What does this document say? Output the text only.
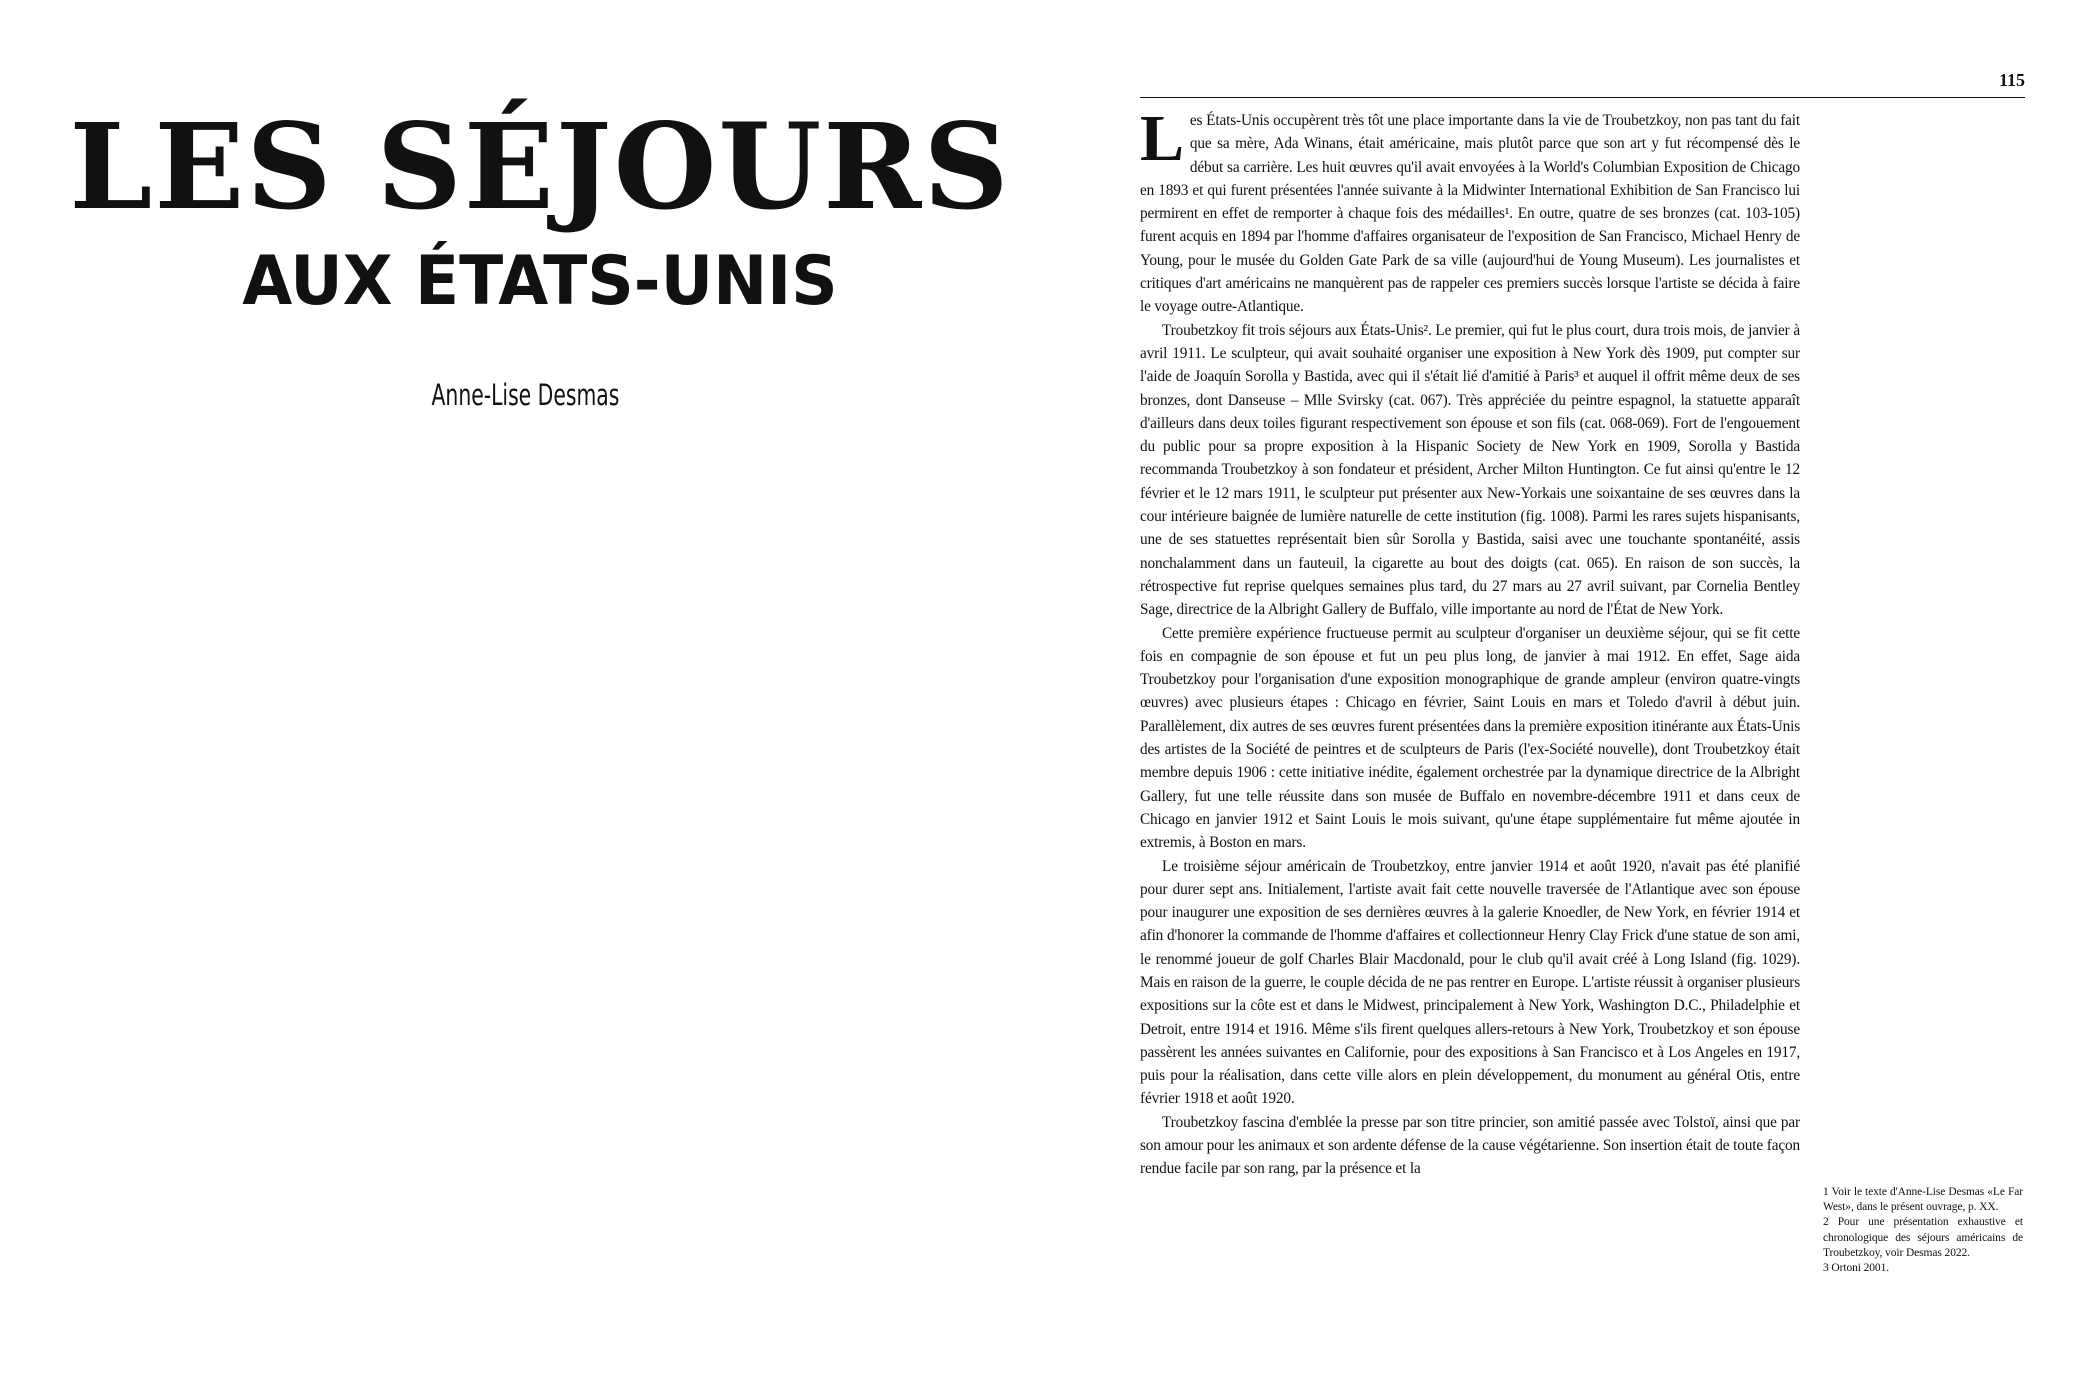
LES SÉJOURS
AUX ÉTATS-UNIS
Anne-Lise Desmas
115

Les États-Unis occupèrent très tôt une place importante dans la vie de Troubetzkoy, non pas tant du fait que sa mère, Ada Winans, était américaine, mais plutôt parce que son art y fut récompensé dès le début sa carrière. Les huit œuvres qu'il avait envoyées à la World's Columbian Exposition de Chicago en 1893 et qui furent présentées l'année suivante à la Midwinter International Exhibition de San Francisco lui permirent en effet de remporter à chaque fois des médailles¹. En outre, quatre de ses bronzes (cat. 103-105) furent acquis en 1894 par l'homme d'affaires organisateur de l'exposition de San Francisco, Michael Henry de Young, pour le musée du Golden Gate Park de sa ville (aujourd'hui de Young Museum). Les journalistes et critiques d'art américains ne manquèrent pas de rappeler ces premiers succès lorsque l'artiste se décida à faire le voyage outre-Atlantique.

Troubetzkoy fit trois séjours aux États-Unis². Le premier, qui fut le plus court, dura trois mois, de janvier à avril 1911. Le sculpteur, qui avait souhaité organiser une exposition à New York dès 1909, put compter sur l'aide de Joaquín Sorolla y Bastida, avec qui il s'était lié d'amitié à Paris³ et auquel il offrit même deux de ses bronzes, dont Danseuse – Mlle Svirsky (cat. 067). Très appréciée du peintre espagnol, la statuette apparaît d'ailleurs dans deux toiles figurant respectivement son épouse et son fils (cat. 068-069). Fort de l'engouement du public pour sa propre exposition à la Hispanic Society de New York en 1909, Sorolla y Bastida recommanda Troubetzkoy à son fondateur et président, Archer Milton Huntington. Ce fut ainsi qu'entre le 12 février et le 12 mars 1911, le sculpteur put présenter aux New-Yorkais une soixantaine de ses œuvres dans la cour intérieure baignée de lumière naturelle de cette institution (fig. 1008). Parmi les rares sujets hispanisants, une de ses statuettes représentait bien sûr Sorolla y Bastida, saisi avec une touchante spontanéité, assis nonchalamment dans un fauteuil, la cigarette au bout des doigts (cat. 065). En raison de son succès, la rétrospective fut reprise quelques semaines plus tard, du 27 mars au 27 avril suivant, par Cornelia Bentley Sage, directrice de la Albright Gallery de Buffalo, ville importante au nord de l'État de New York.

Cette première expérience fructueuse permit au sculpteur d'organiser un deuxième séjour, qui se fit cette fois en compagnie de son épouse et fut un peu plus long, de janvier à mai 1912. En effet, Sage aida Troubetzkoy pour l'organisation d'une exposition monographique de grande ampleur (environ quatre-vingts œuvres) avec plusieurs étapes : Chicago en février, Saint Louis en mars et Toledo d'avril à début juin. Parallèlement, dix autres de ses œuvres furent présentées dans la première exposition itinérante aux États-Unis des artistes de la Société de peintres et de sculpteurs de Paris (l'ex-Société nouvelle), dont Troubetzkoy était membre depuis 1906 : cette initiative inédite, également orchestrée par la dynamique directrice de la Albright Gallery, fut une telle réussite dans son musée de Buffalo en novembre-décembre 1911 et dans ceux de Chicago en janvier 1912 et Saint Louis le mois suivant, qu'une étape supplémentaire fut même ajoutée in extremis, à Boston en mars.

Le troisième séjour américain de Troubetzkoy, entre janvier 1914 et août 1920, n'avait pas été planifié pour durer sept ans. Initialement, l'artiste avait fait cette nouvelle traversée de l'Atlantique avec son épouse pour inaugurer une exposition de ses dernières œuvres à la galerie Knoedler, de New York, en février 1914 et afin d'honorer la commande de l'homme d'affaires et collectionneur Henry Clay Frick d'une statue de son ami, le renommé joueur de golf Charles Blair Macdonald, pour le club qu'il avait créé à Long Island (fig. 1029). Mais en raison de la guerre, le couple décida de ne pas rentrer en Europe. L'artiste réussit à organiser plusieurs expositions sur la côte est et dans le Midwest, principalement à New York, Washington D.C., Philadelphie et Detroit, entre 1914 et 1916. Même s'ils firent quelques allers-retours à New York, Troubetzkoy et son épouse passèrent les années suivantes en Californie, pour des expositions à San Francisco et à Los Angeles en 1917, puis pour la réalisation, dans cette ville alors en plein développement, du monument au général Otis, entre février 1918 et août 1920.

Troubetzkoy fascina d'emblée la presse par son titre princier, son amitié passée avec Tolstoï, ainsi que par son amour pour les animaux et son ardente défense de la cause végétarienne. Son insertion était de toute façon rendue facile par son rang, par la présence et la

1 Voir le texte d'Anne-Lise Desmas «Le Far West», dans le présent ouvrage, p. XX.

2 Pour une présentation exhaustive et chronologique des séjours américains de Troubetzkoy, voir Desmas 2022.

3 Ortoni 2001.
